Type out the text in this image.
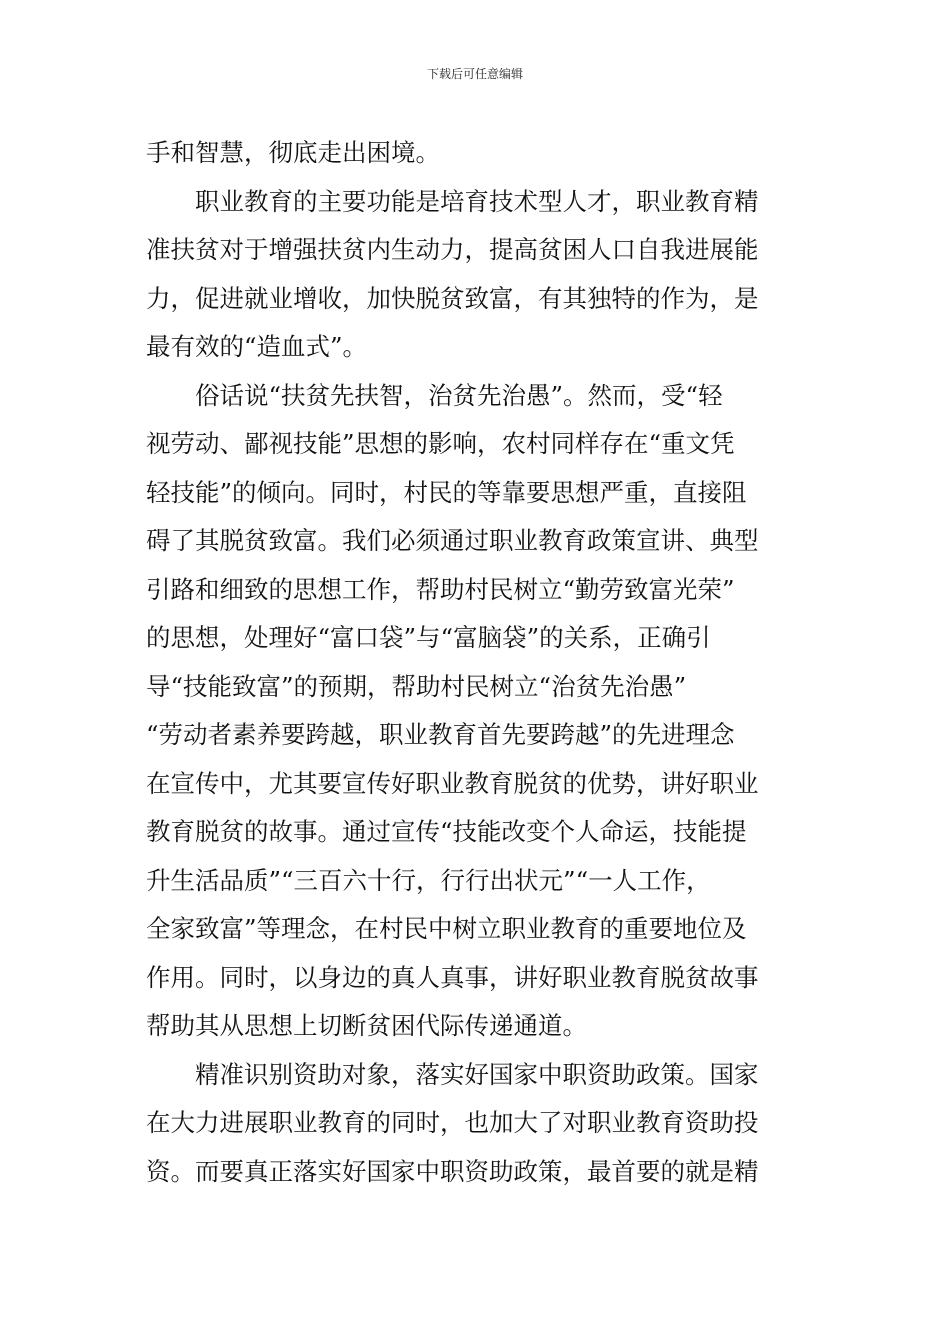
下载后可任意编辑
手和智慧，彻底走出困境。
职业教育的主要功能是培育技术型人才，职业教育精
准扶贫对于增强扶贫内生动力，提高贫困人口自我进展能
力，促进就业增收，加快脱贫致富，有其独特的作为，是
最有效的“造血式”。
俗话说“扶贫先扶智，治贫先治愚”。然而，受“轻
视劳动、鄙视技能”思想的影响，农村同样存在“重文凭
轻技能”的倾向。同时，村民的等靠要思想严重，直接阻
碍了其脱贫致富。我们必须通过职业教育政策宣讲、典型
引路和细致的思想工作，帮助村民树立“勤劳致富光荣”
的思想，处理好“富口袋”与“富脑袋”的关系，正确引
导“技能致富”的预期，帮助村民树立“治贫先治愚”
“劳动者素养要跨越，职业教育首先要跨越”的先进理念
在宣传中，尤其要宣传好职业教育脱贫的优势，讲好职业
教育脱贫的故事。通过宣传“技能改变个人命运，技能提
升生活品质”“三百六十行，行行出状元”“一人工作，
全家致富”等理念，在村民中树立职业教育的重要地位及
作用。同时，以身边的真人真事，讲好职业教育脱贫故事
帮助其从思想上切断贫困代际传递通道。
精准识别资助对象，落实好国家中职资助政策。国家
在大力进展职业教育的同时，也加大了对职业教育资助投
资。而要真正落实好国家中职资助政策，最首要的就是精
